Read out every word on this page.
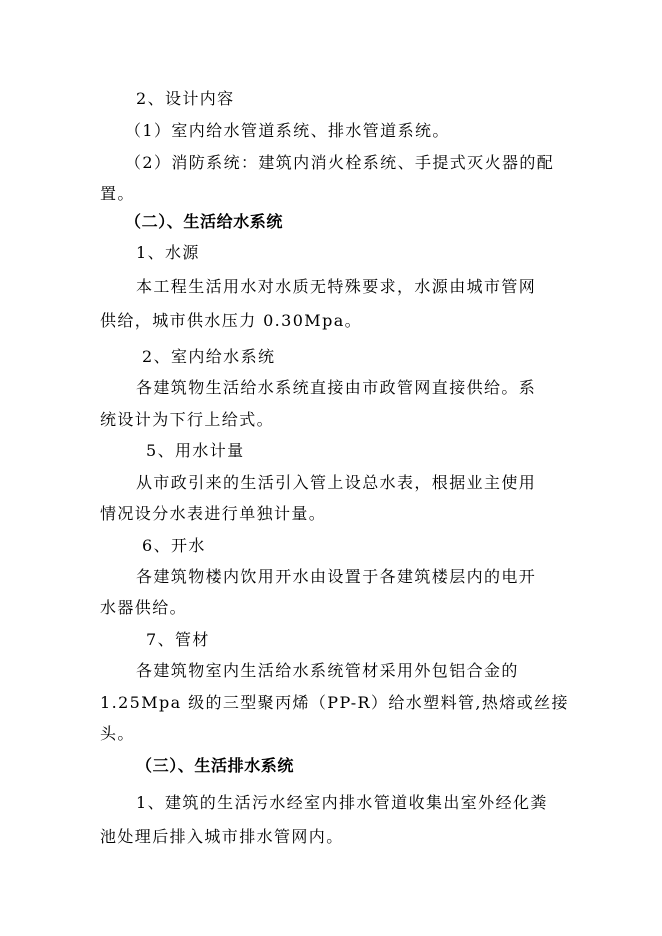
2、设计内容
（1）室内给水管道系统、排水管道系统。
（2）消防系统：建筑内消火栓系统、手提式灭火器的配
置。
（二）、生活给水系统
1、水源
本工程生活用水对水质无特殊要求，水源由城市管网
供给，城市供水压力 0.30Mpa。
2、室内给水系统
各建筑物生活给水系统直接由市政管网直接供给。系
统设计为下行上给式。
5、用水计量
从市政引来的生活引入管上设总水表，根据业主使用
情况设分水表进行单独计量。
6、开水
各建筑物楼内饮用开水由设置于各建筑楼层内的电开
水器供给。
7、管材
各建筑物室内生活给水系统管材采用外包铝合金的
1.25Mpa 级的三型聚丙烯（PP-R）给水塑料管,热熔或丝接
头。
（三）、生活排水系统
1、建筑的生活污水经室内排水管道收集出室外经化粪
池处理后排入城市排水管网内。
